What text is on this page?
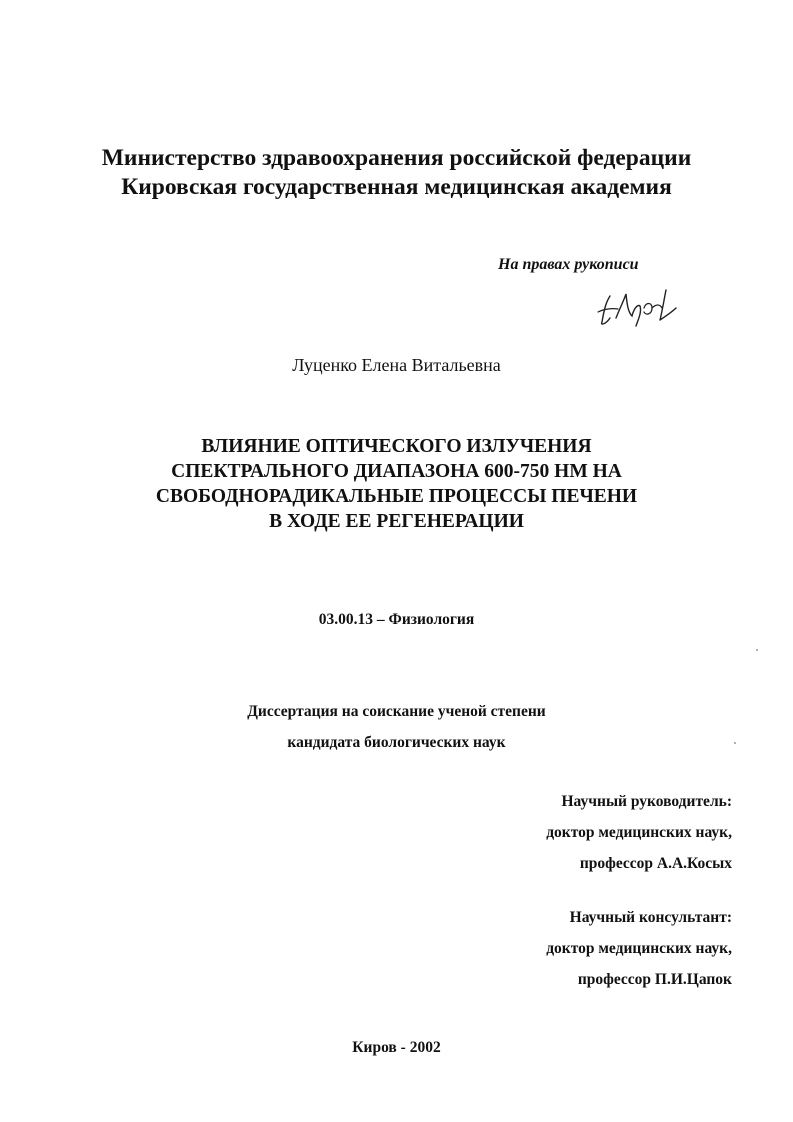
Министерство здравоохранения российской федерации
Кировская государственная медицинская академия
На правах рукописи
Луценко Елена Витальевна
ВЛИЯНИЕ ОПТИЧЕСКОГО ИЗЛУЧЕНИЯ
СПЕКТРАЛЬНОГО ДИАПАЗОНА 600-750 НМ НА
СВОБОДНОРАДИКАЛЬНЫЕ ПРОЦЕССЫ ПЕЧЕНИ
В ХОДЕ ЕЕ РЕГЕНЕРАЦИИ
03.00.13 – Физиология
Диссертация на соискание ученой степени
кандидата биологических наук
Научный руководитель:
доктор медицинских наук,
профессор А.А.Косых
Научный консультант:
доктор медицинских наук,
профессор П.И.Цапок
Киров - 2002
